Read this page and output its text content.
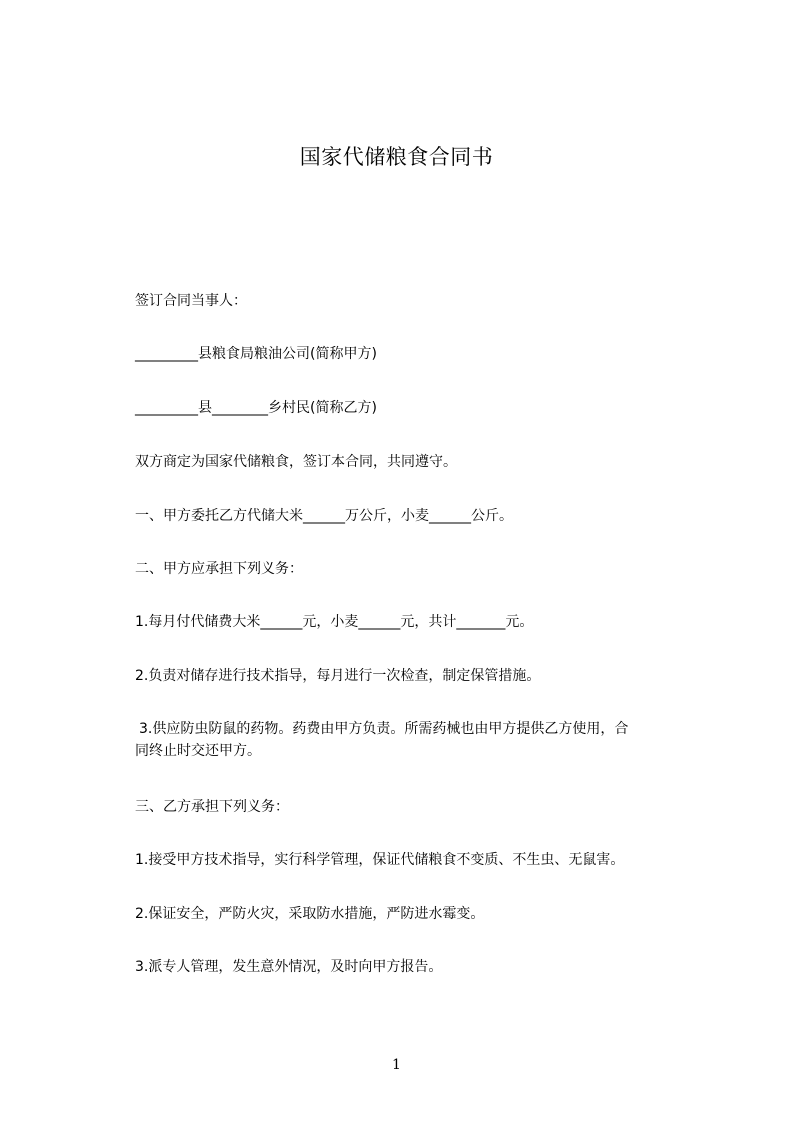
国家代储粮食合同书
签订合同当事人：
_________县粮食局粮油公司(简称甲方)
_________县________乡村民(简称乙方)
双方商定为国家代储粮食，签订本合同，共同遵守。
一、甲方委托乙方代储大米______万公斤，小麦______公斤。
二、甲方应承担下列义务：
1.每月付代储费大米______元，小麦______元，共计_______元。
2.负责对储存进行技术指导，每月进行一次检查，制定保管措施。
3.供应防虫防鼠的药物。药费由甲方负责。所需药械也由甲方提供乙方使用，合
同终止时交还甲方。
三、乙方承担下列义务：
1.接受甲方技术指导，实行科学管理，保证代储粮食不变质、不生虫、无鼠害。
2.保证安全，严防火灾，采取防水措施，严防进水霉变。
3.派专人管理，发生意外情况，及时向甲方报告。
1
